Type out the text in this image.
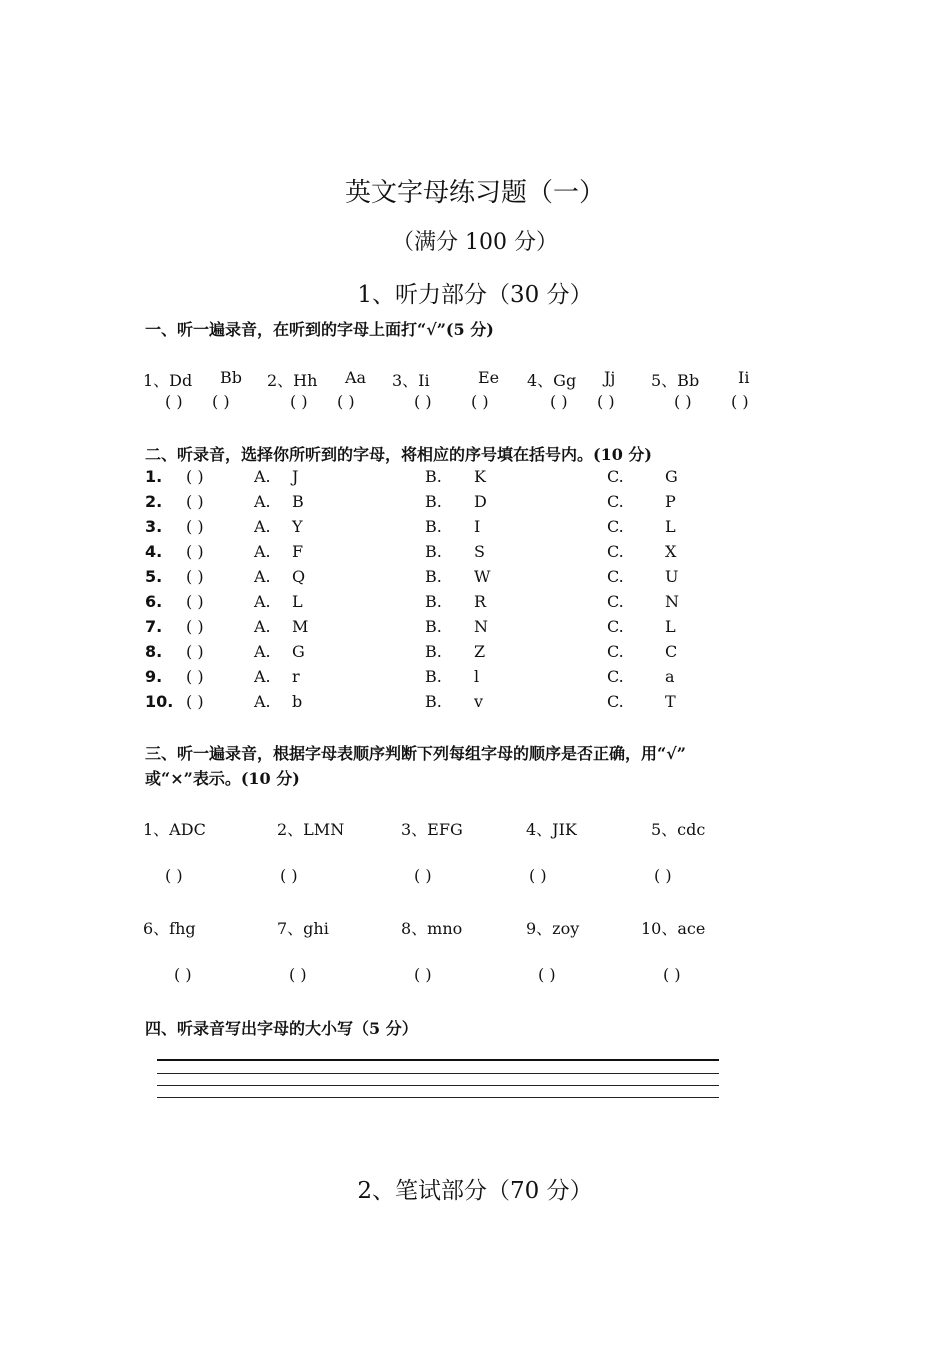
英文字母练习题（一）
（满分 100 分）
1、听力部分（30 分）
一、听一遍录音，在听到的字母上面打“√”(5 分)
1、Dd Bb 2、Hh Aa 3、Ii	Ee 4、Gg Jj 5、Bb Ii
( ) ( )	( ) ( )	( ) ( )	( ) ( )	( ) ( )
二、听录音，选择你所听到的字母，将相应的序号填在括号内。(10 分)
1. ( )	A. J	B. K	C.	G
2. ( )	A. B	B. D	C.	P
3. ( )	A. Y	B. I	C.	L
4. ( )	A. F	B. S	C.	X
5. ( )	A. Q	B. W	C.	U
6. ( )	A. L	B. R	C.	N
7. ( )	A. M	B. N	C.	L
8. ( )	A. G	B. Z	C.	C
9. ( )	A. r	B. l	C.	a
10. ( )	A. b	B. v	C.	T
三、听一遍录音，根据字母表顺序判断下列每组字母的顺序是否正确，用“√”
或“×”表示。(10 分)
1、ADC	2、LMN	3、EFG	4、JIK	5、cdc
( )	( )	( )	( )	( )
6、fhg	7、ghi	8、mno	9、zoy	10、ace
( )	( )	( )	( )	( )
四、听录音写出字母的大小写（5 分）
2、笔试部分（70 分）
